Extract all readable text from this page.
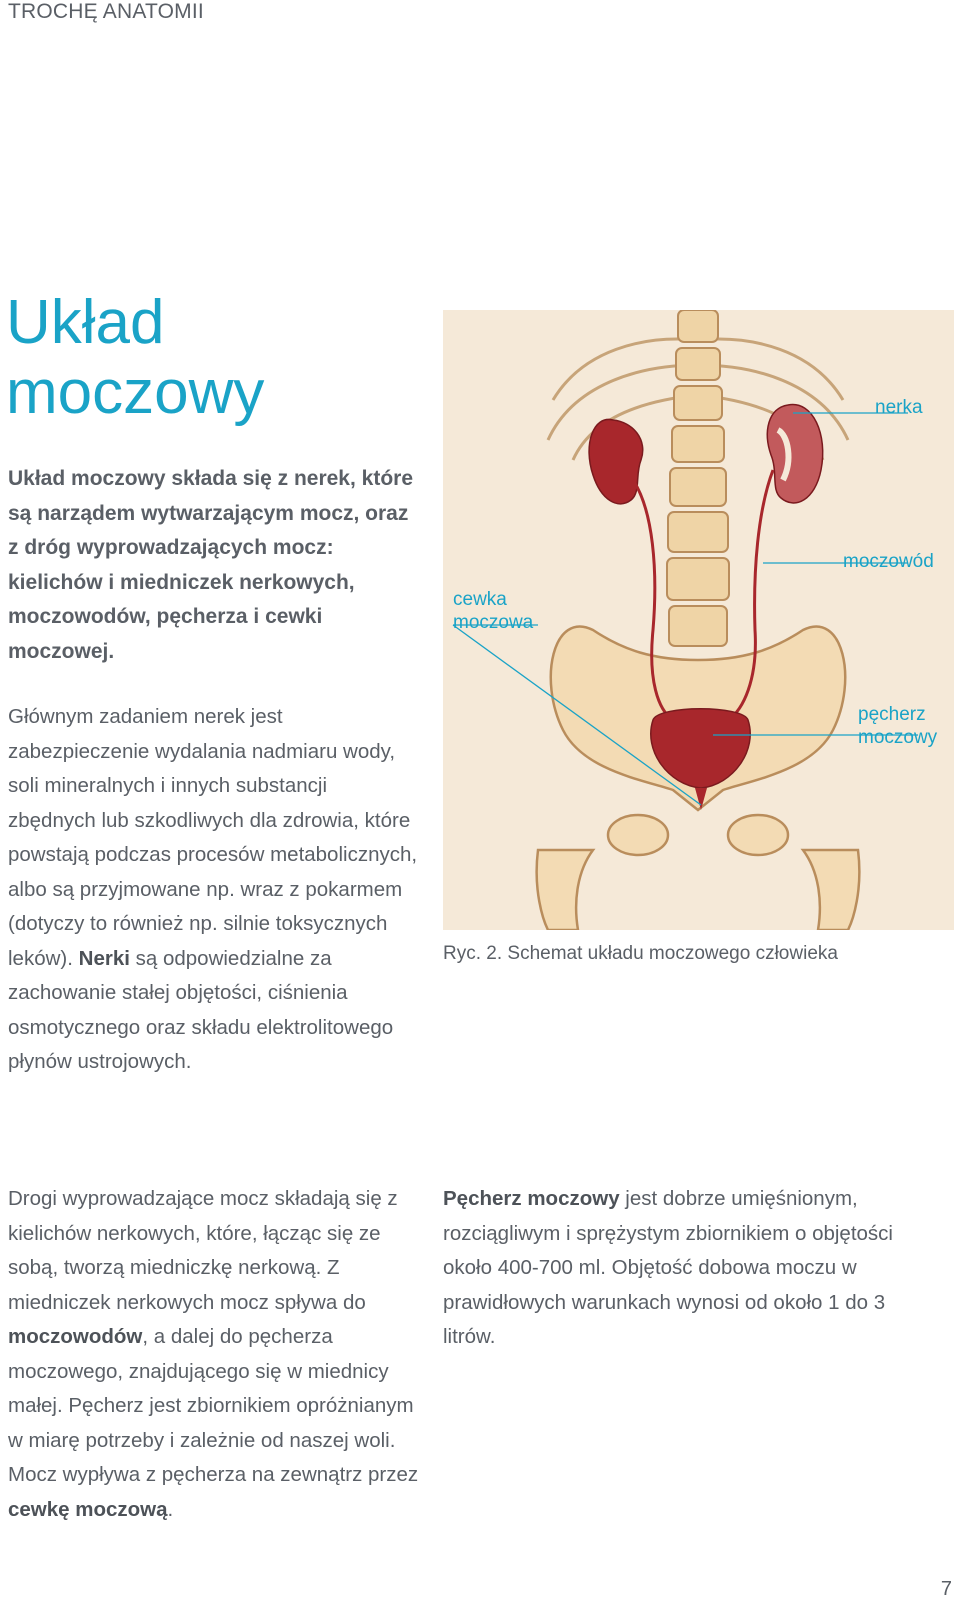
TROCHĘ ANATOMII
Układ
moczowy

Układ moczowy składa się z nerek, które są narządem wytwarzającym mocz, oraz z dróg wyprowadzających mocz: kielichów i miedniczek nerkowych, moczowodów, pęcherza i cewki moczowej.

Głównym zadaniem nerek jest zabezpieczenie wydalania nadmiaru wody, soli mineralnych i innych substancji zbędnych lub szkodliwych dla zdrowia, które powstają podczas procesów metabolicznych, albo są przyjmowane np. wraz z pokarmem (dotyczy to również np. silnie toksycznych leków). Nerki są odpowiedzialne za zachowanie stałej objętości, ciśnienia osmotycznego oraz składu elektrolitowego płynów ustrojowych.

nerka
moczowód
cewka moczowa
pęcherz moczowy
Ryc. 2. Schemat układu moczowego człowieka

Drogi wyprowadzające mocz składają się z kielichów nerkowych, które, łącząc się ze sobą, tworzą miedniczkę nerkową. Z miedniczek nerkowych mocz spływa do moczowodów, a dalej do pęcherza moczowego, znajdującego się w miednicy małej. Pęcherz jest zbiornikiem opróżnianym w miarę potrzeby i zależnie od naszej woli. Mocz wypływa z pęcherza na zewnątrz przez cewkę moczową.

Pęcherz moczowy jest dobrze umięśnionym, rozciągliwym i sprężystym zbiornikiem o objętości około 400-700 ml. Objętość dobowa moczu w prawidłowych warunkach wynosi od około 1 do 3 litrów.

7
